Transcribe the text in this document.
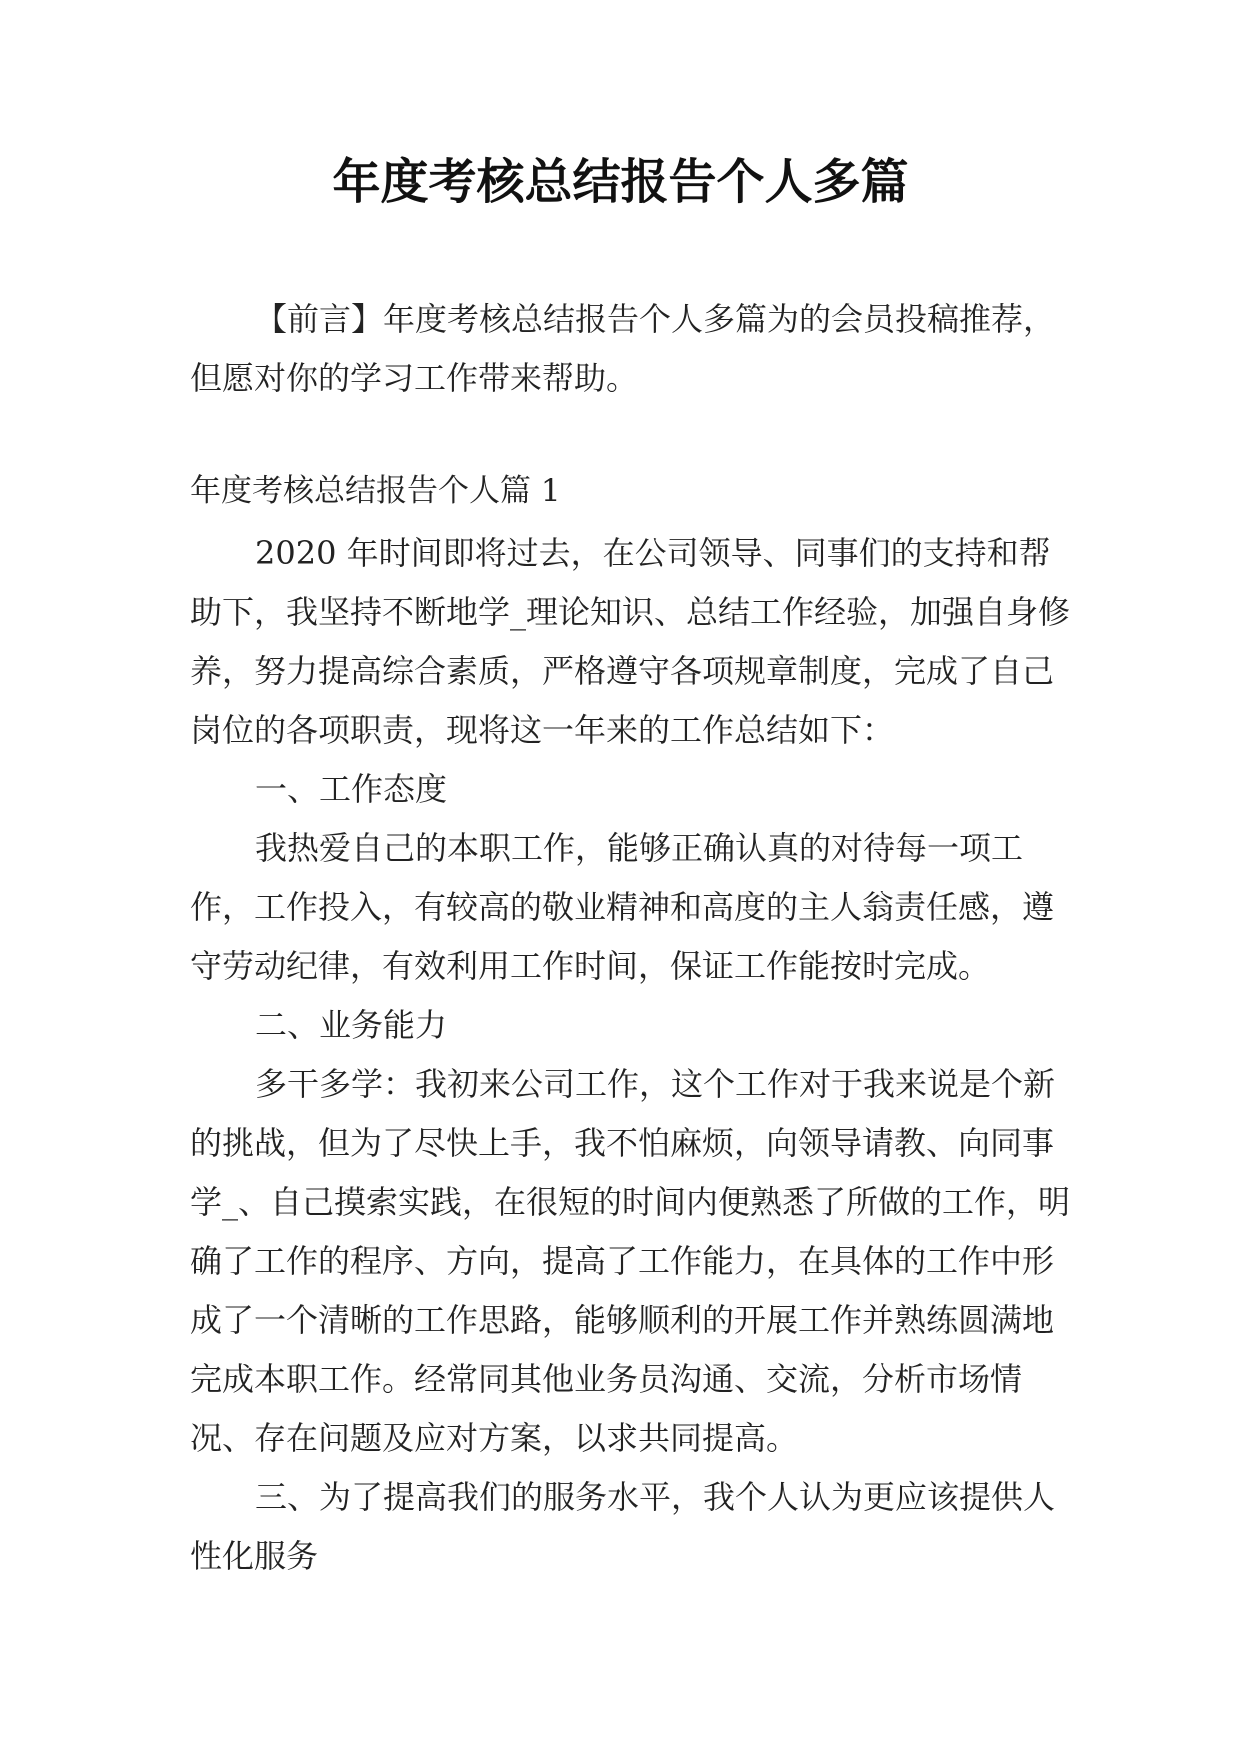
年度考核总结报告个人多篇

【前言】年度考核总结报告个人多篇为的会员投稿推荐，但愿对你的学习工作带来帮助。

年度考核总结报告个人篇 1

2020 年时间即将过去，在公司领导、同事们的支持和帮助下，我坚持不断地学_理论知识、总结工作经验，加强自身修养，努力提高综合素质，严格遵守各项规章制度，完成了自己岗位的各项职责，现将这一年来的工作总结如下：

一、工作态度

我热爱自己的本职工作，能够正确认真的对待每一项工作，工作投入，有较高的敬业精神和高度的主人翁责任感，遵守劳动纪律，有效利用工作时间，保证工作能按时完成。

二、业务能力

多干多学：我初来公司工作，这个工作对于我来说是个新的挑战，但为了尽快上手，我不怕麻烦，向领导请教、向同事学_、自己摸索实践，在很短的时间内便熟悉了所做的工作，明确了工作的程序、方向，提高了工作能力，在具体的工作中形成了一个清晰的工作思路，能够顺利的开展工作并熟练圆满地完成本职工作。经常同其他业务员沟通、交流，分析市场情况、存在问题及应对方案，以求共同提高。

三、为了提高我们的服务水平，我个人认为更应该提供人性化服务
